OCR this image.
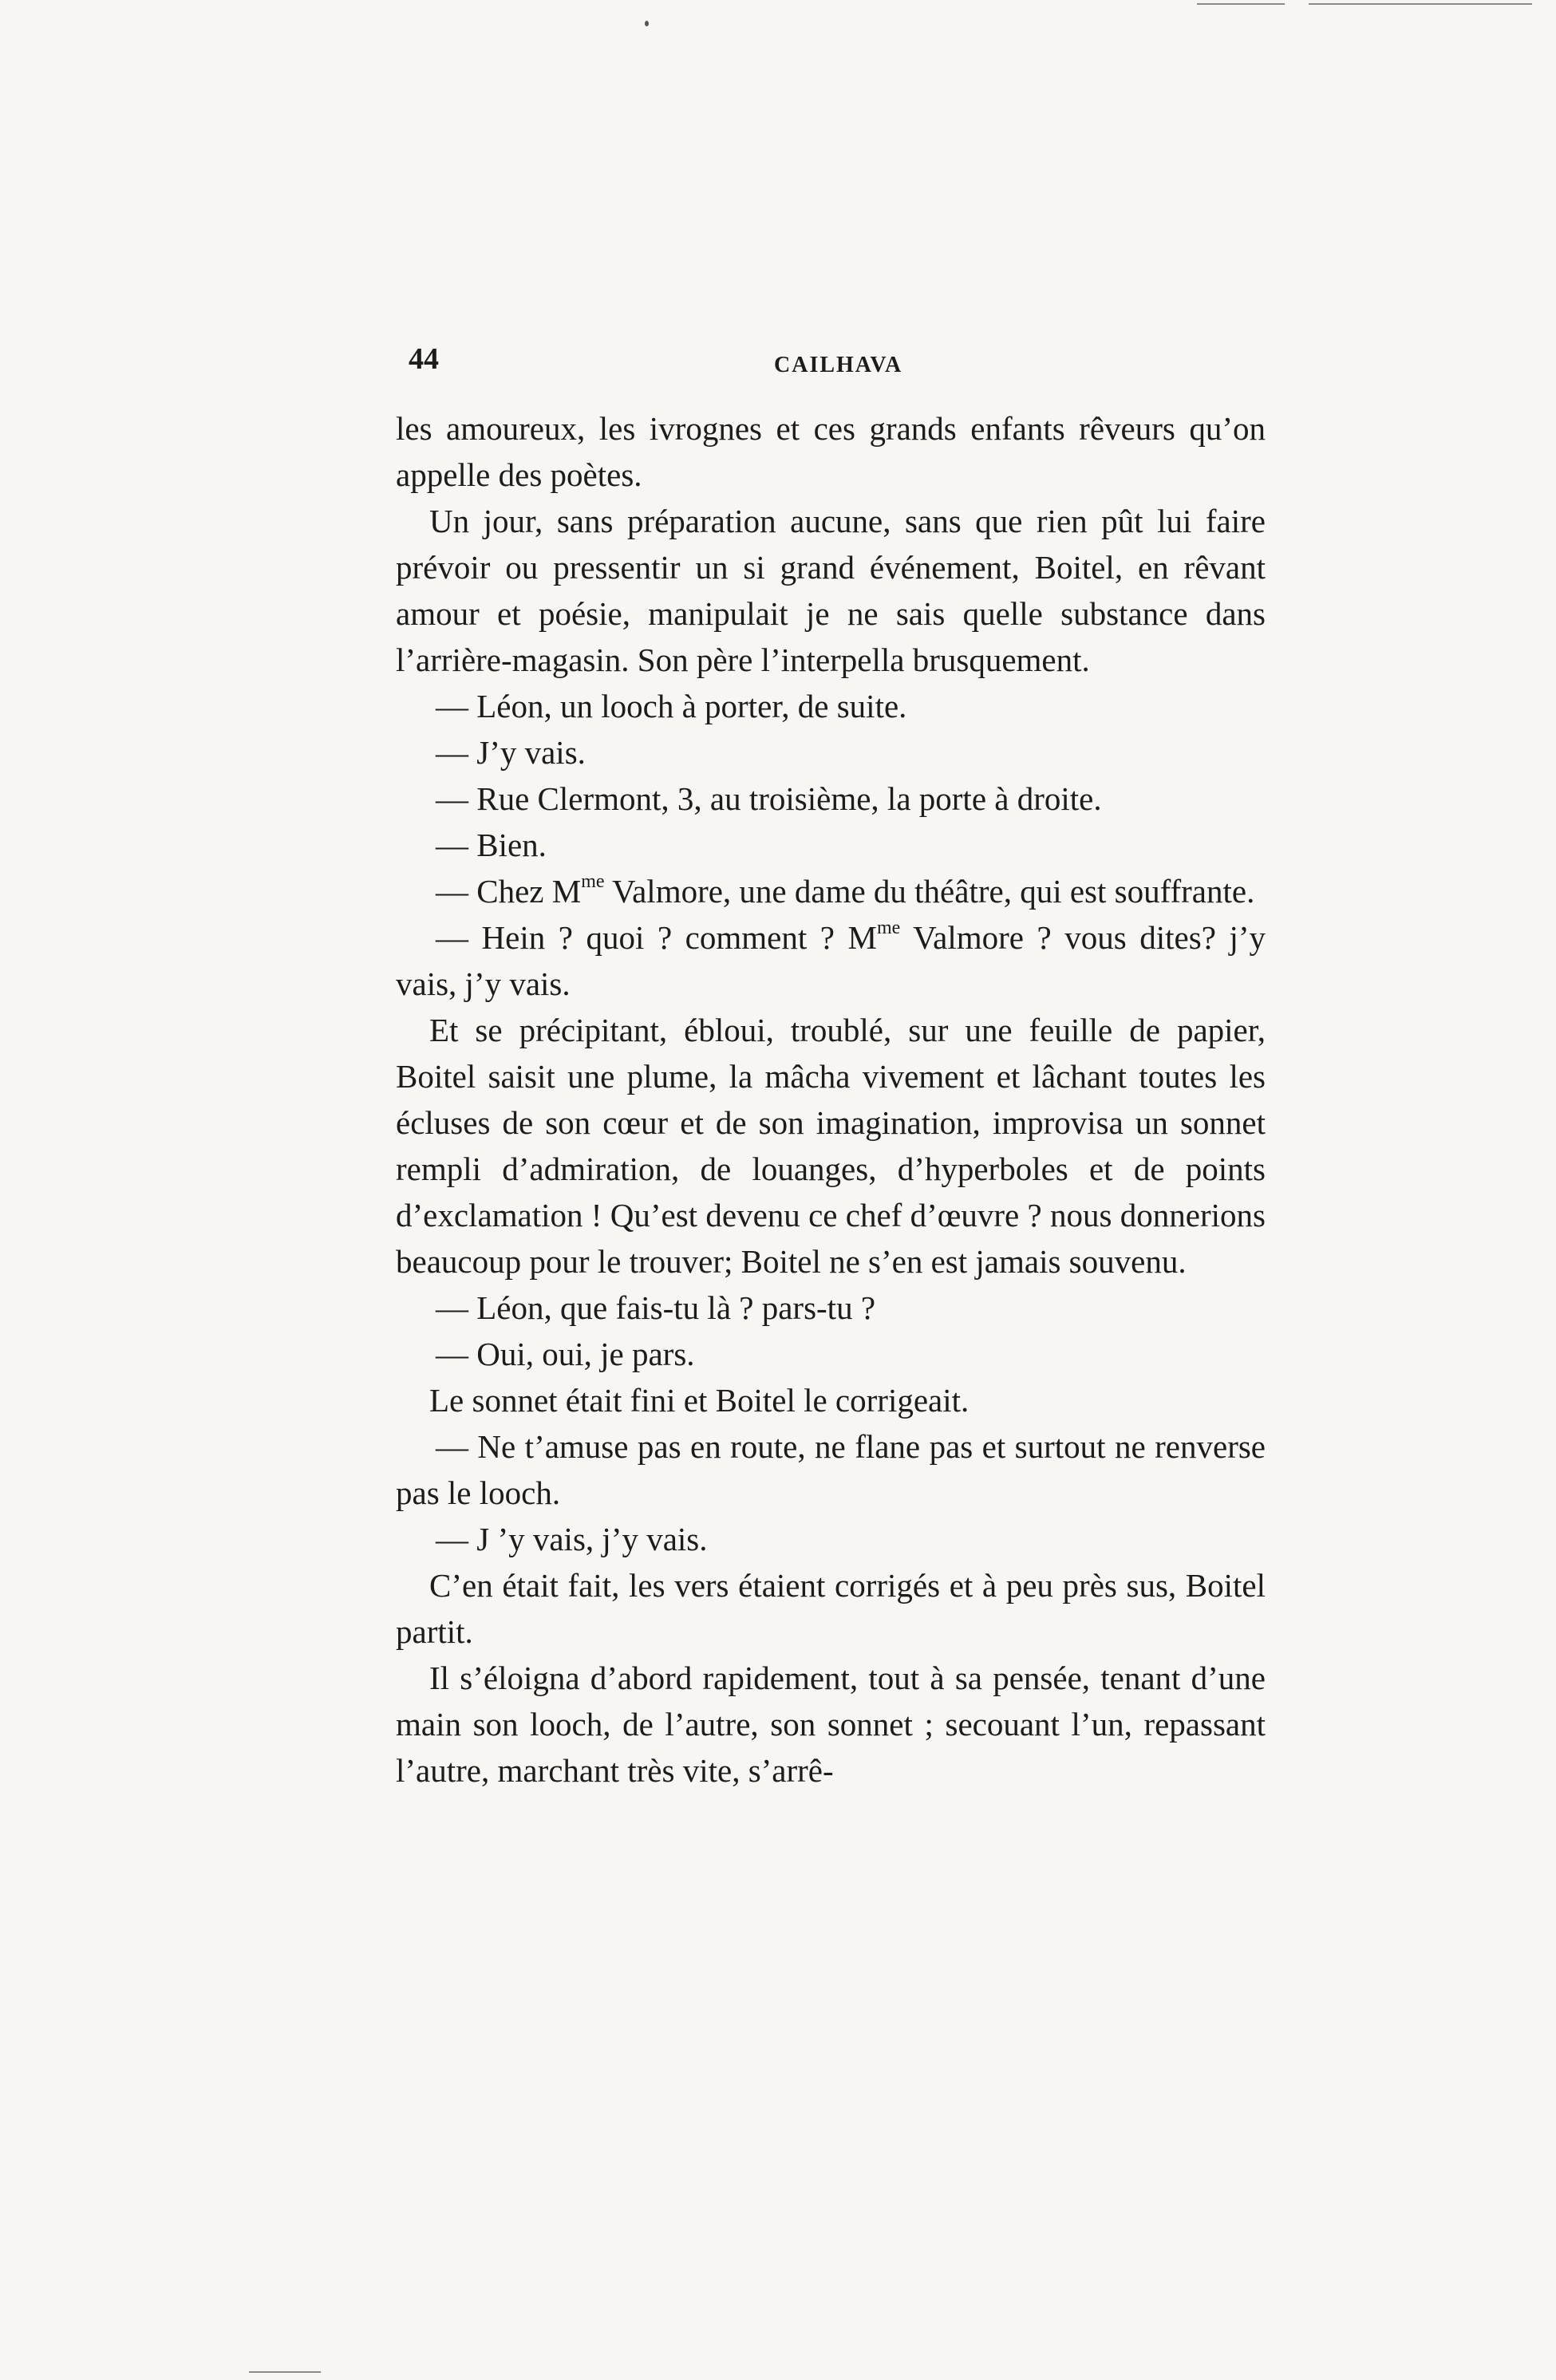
44	CAILHAVA

les amoureux, les ivrognes et ces grands enfants rêveurs qu’on appelle des poètes.

Un jour, sans préparation aucune, sans que rien pût lui faire prévoir ou pressentir un si grand événement, Boitel, en rêvant amour et poésie, manipulait je ne sais quelle substance dans l’arrière-magasin. Son père l’interpella brusquement.

— Léon, un looch à porter, de suite.

— J’y vais.

— Rue Clermont, 3, au troisième, la porte à droite.

— Bien.

— Chez $M^{me}$ Valmore, une dame du théâtre, qui est souffrante.

— Hein ? quoi ? comment ? $M^{me}$ Valmore ? vous dites? j’y vais, j’y vais.

Et se précipitant, ébloui, troublé, sur une feuille de papier, Boitel saisit une plume, la mâcha vivement et lâchant toutes les écluses de son cœur et de son imagination, improvisa un sonnet rempli d’admiration, de louanges, d’hyperboles et de points d’exclamation ! Qu’est devenu ce chef d’œuvre ? nous donnerions beaucoup pour le trouver; Boitel ne s’en est jamais souvenu.

— Léon, que fais-tu là ? pars-tu ?

— Oui, oui, je pars.

Le sonnet était fini et Boitel le corrigeait.

— Ne t’amuse pas en route, ne flane pas et surtout ne renverse pas le looch.

— J ’y vais, j’y vais.

C’en était fait, les vers étaient corrigés et à peu près sus, Boitel partit.

Il s’éloigna d’abord rapidement, tout à sa pensée, tenant d’une main son looch, de l’autre, son sonnet ; secouant l’un, repassant l’autre, marchant très vite, s’arrê-
